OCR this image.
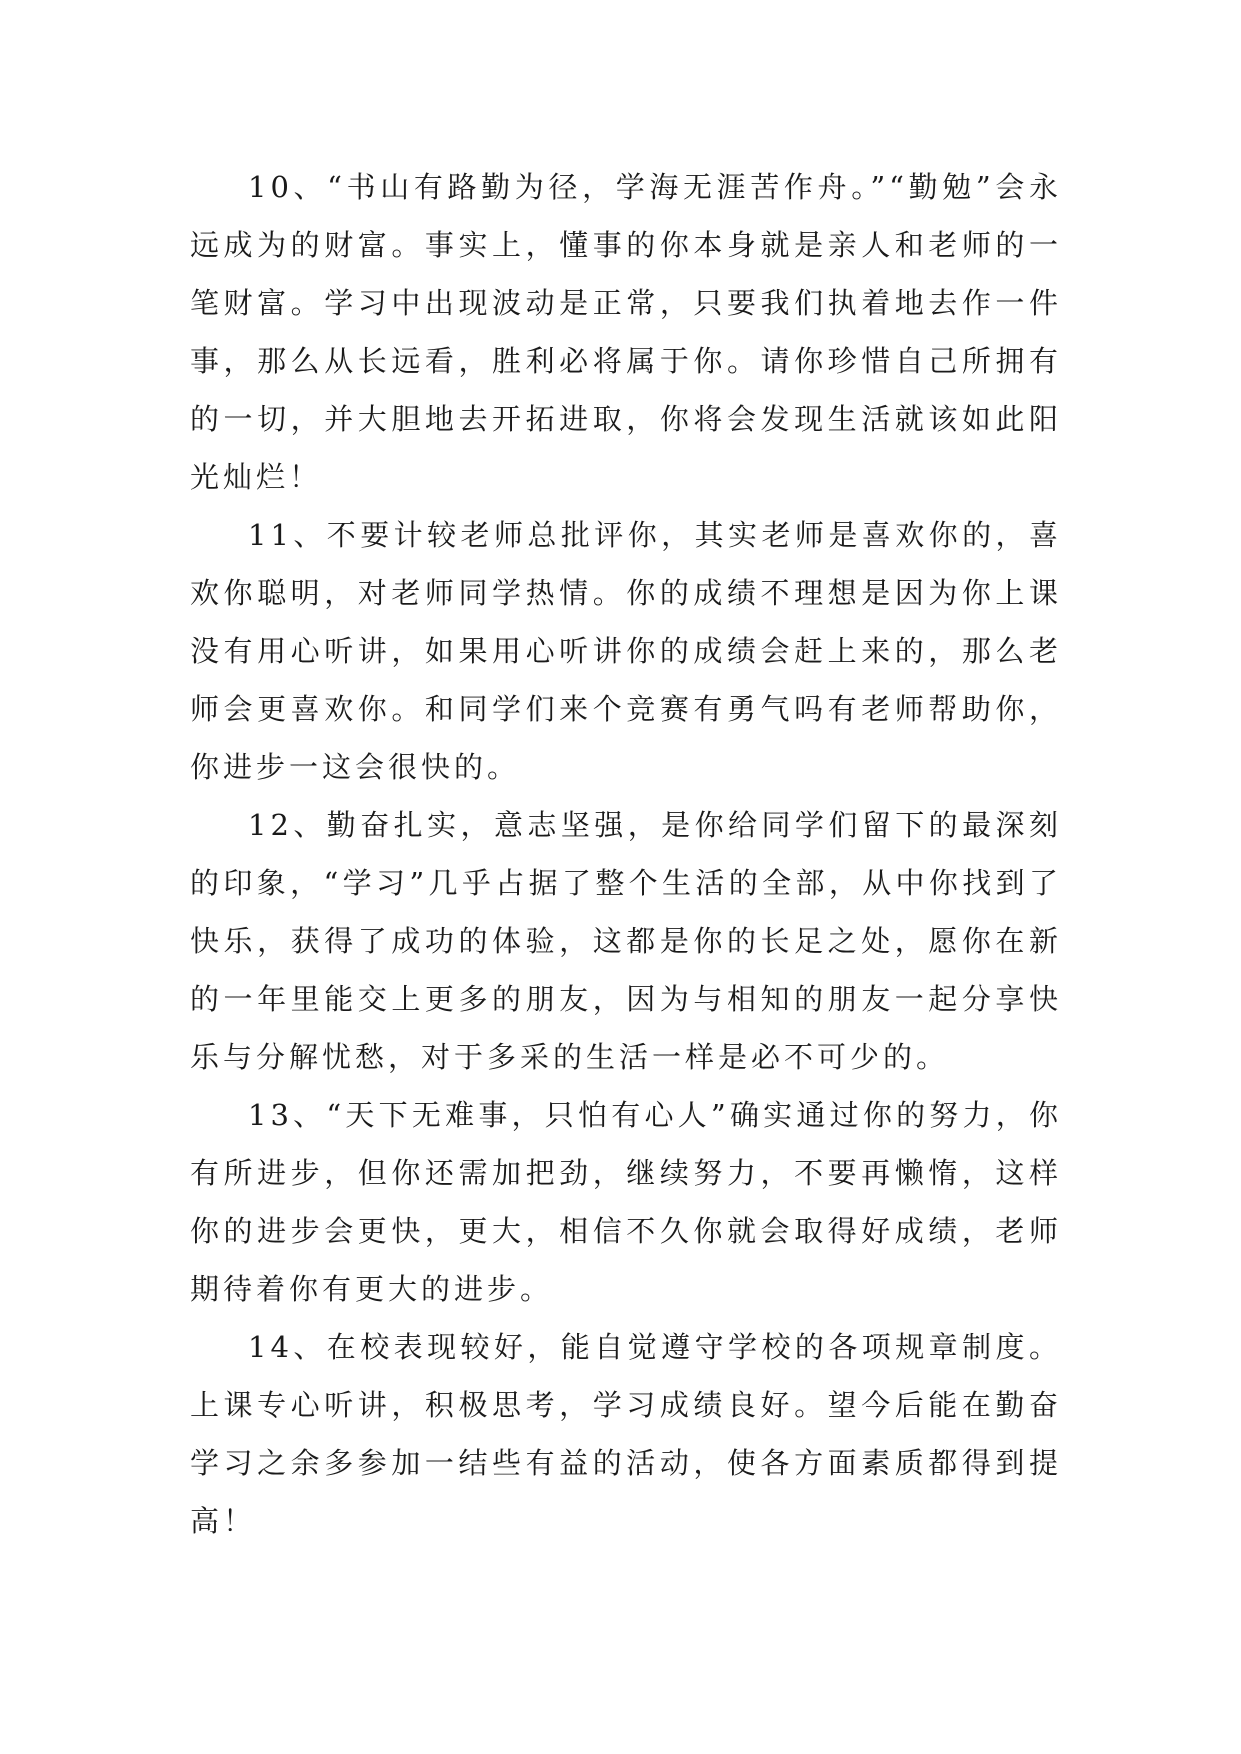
10、“书山有路勤为径，学海无涯苦作舟。”“勤勉”会永远成为的财富。事实上，懂事的你本身就是亲人和老师的一笔财富。学习中出现波动是正常，只要我们执着地去作一件事，那么从长远看，胜利必将属于你。请你珍惜自己所拥有的一切，并大胆地去开拓进取，你将会发现生活就该如此阳光灿烂！

11、不要计较老师总批评你，其实老师是喜欢你的，喜欢你聪明，对老师同学热情。你的成绩不理想是因为你上课没有用心听讲，如果用心听讲你的成绩会赶上来的，那么老师会更喜欢你。和同学们来个竞赛有勇气吗有老师帮助你，你进步一这会很快的。

12、勤奋扎实，意志坚强，是你给同学们留下的最深刻的印象，“学习”几乎占据了整个生活的全部，从中你找到了快乐，获得了成功的体验，这都是你的长足之处，愿你在新的一年里能交上更多的朋友，因为与相知的朋友一起分享快乐与分解忧愁，对于多采的生活一样是必不可少的。

13、“天下无难事，只怕有心人”确实通过你的努力，你有所进步，但你还需加把劲，继续努力，不要再懒惰，这样你的进步会更快，更大，相信不久你就会取得好成绩，老师期待着你有更大的进步。

14、在校表现较好，能自觉遵守学校的各项规章制度。上课专心听讲，积极思考，学习成绩良好。望今后能在勤奋学习之余多参加一结些有益的活动，使各方面素质都得到提高！
